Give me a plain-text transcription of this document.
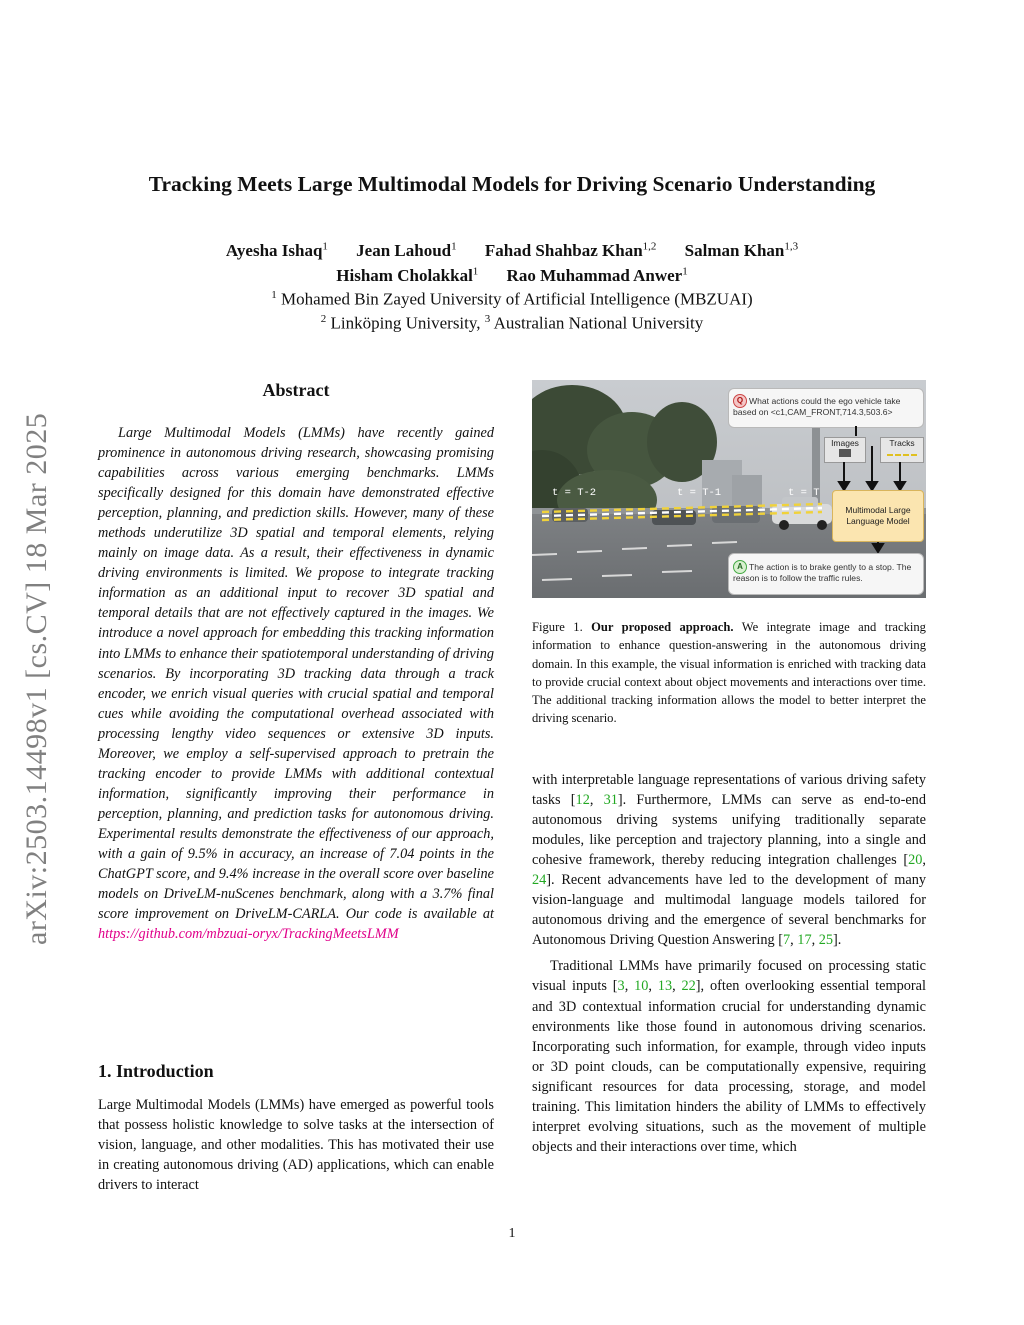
arXiv:2503.14498v1 [cs.CV] 18 Mar 2025
Tracking Meets Large Multimodal Models for Driving Scenario Understanding
Ayesha Ishaq$^1$ Jean Lahoud$^1$ Fahad Shahbaz Khan$^{1,2}$ Salman Khan$^{1,3}$
Hisham Cholakkal$^1$ Rao Muhammad Anwer$^1$
$^1$ Mohamed Bin Zayed University of Artificial Intelligence (MBZUAI)
$^2$ Linköping University, $^3$ Australian National University
Abstract
Large Multimodal Models (LMMs) have recently gained prominence in autonomous driving research, showcasing promising capabilities across various emerging benchmarks. LMMs specifically designed for this domain have demonstrated effective perception, planning, and prediction skills. However, many of these methods underutilize 3D spatial and temporal elements, relying mainly on image data. As a result, their effectiveness in dynamic driving environments is limited. We propose to integrate tracking information as an additional input to recover 3D spatial and temporal details that are not effectively captured in the images. We introduce a novel approach for embedding this tracking information into LMMs to enhance their spatiotemporal understanding of driving scenarios. By incorporating 3D tracking data through a track encoder, we enrich visual queries with crucial spatial and temporal cues while avoiding the computational overhead associated with processing lengthy video sequences or extensive 3D inputs. Moreover, we employ a self-supervised approach to pretrain the tracking encoder to provide LMMs with additional contextual information, significantly improving their performance in perception, planning, and prediction tasks for autonomous driving. Experimental results demonstrate the effectiveness of our approach, with a gain of 9.5% in accuracy, an increase of 7.04 points in the ChatGPT score, and 9.4% increase in the overall score over baseline models on DriveLM-nuScenes benchmark, along with a 3.7% final score improvement on DriveLM-CARLA. Our code is available at https://github.com/mbzuai-oryx/TrackingMeetsLMM
1. Introduction
Large Multimodal Models (LMMs) have emerged as powerful tools that possess holistic knowledge to solve tasks at the intersection of vision, language, and other modalities. This has motivated their use in creating autonomous driving (AD) applications, which can enable drivers to interact
t = T-2	t = T-1	t = T
Q What actions could the ego vehicle take based on <c1,CAM_FRONT,714.3,503.6>
Images	Tracks
Multimodal Large Language Model
A The action is to brake gently to a stop. The reason is to follow the traffic rules.
Figure 1. Our proposed approach. We integrate image and tracking information to enhance question-answering in the autonomous driving domain. In this example, the visual information is enriched with tracking data to provide crucial context about object movements and interactions over time. The additional tracking information allows the model to better interpret the driving scenario.

with interpretable language representations of various driving safety tasks [12, 31]. Furthermore, LMMs can serve as end-to-end autonomous driving systems unifying traditionally separate modules, like perception and trajectory planning, into a single and cohesive framework, thereby reducing integration challenges [20, 24]. Recent advancements have led to the development of many vision-language and multimodal language models tailored for autonomous driving and the emergence of several benchmarks for Autonomous Driving Question Answering [7, 17, 25].

Traditional LMMs have primarily focused on processing static visual inputs [3, 10, 13, 22], often overlooking essential temporal and 3D contextual information crucial for understanding dynamic environments like those found in autonomous driving scenarios. Incorporating such information, for example, through video inputs or 3D point clouds, can be computationally expensive, requiring significant resources for data processing, storage, and model training. This limitation hinders the ability of LMMs to effectively interpret evolving situations, such as the movement of multiple objects and their interactions over time, which

1
